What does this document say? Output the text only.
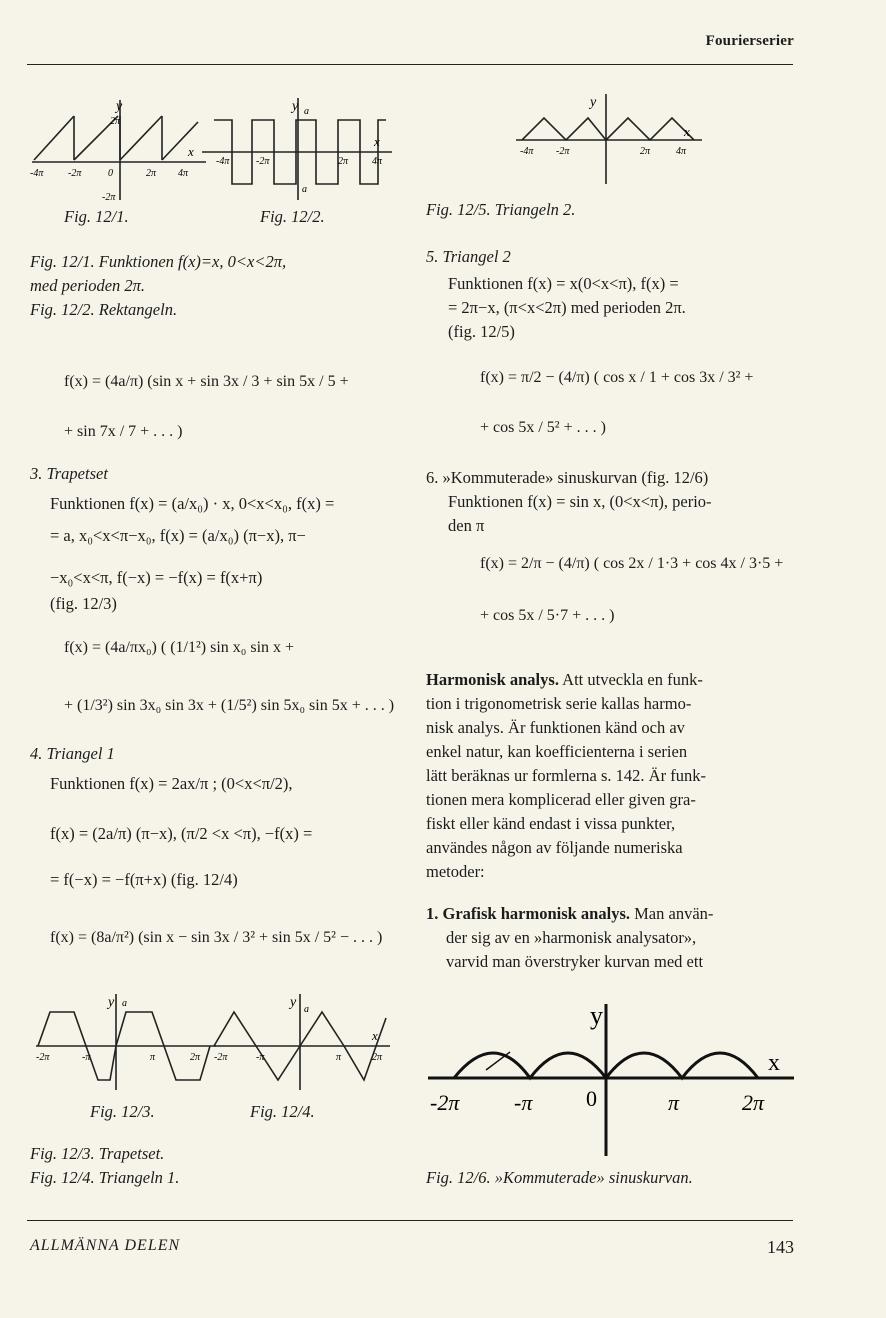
Fourierserier
y
x
-4π -2π	0	2π 4π
2π
-2π
y a
x
-4π	-2π	2π 4π
a
Fig. 12/1.	Fig. 12/2.
Fig. 12/1. Funktionen f(x)=x, 0<x<2π,
med perioden 2π.
Fig. 12/2. Rektangeln.
f(x) = (4a/π) (sin x + sin 3x / 3 + sin 5x / 5 +
+ sin 7x / 7 + . . . )
3. Trapetset
Funktionen f(x) = (a/x₀) · x, 0<x<x₀, f(x) =
= a, x₀<x<π−x₀, f(x) = (a/x₀) (π−x), π−
−x₀<x<π, f(−x) = −f(x) = f(x+π)
(fig. 12/3)
f(x) = (4a/πx₀) ( (1/1²) sin x₀ sin x +
+ (1/3²) sin 3x₀ sin 3x + (1/5²) sin 5x₀ sin 5x + . . . )
4. Triangel 1
Funktionen f(x) = 2ax/π ; (0<x<π/2),
f(x) = (2a/π) (π−x), (π/2 <x <π), −f(x) =
= f(−x) = −f(π+x) (fig. 12/4)
f(x) = (8a/π²) (sin x − sin 3x / 3² + sin 5x / 5² − . . . )
y a
-2π	-π	π	2π
y a
x
-2π	-π	π	2π
Fig. 12/3.	Fig. 12/4.
Fig. 12/3. Trapetset.
Fig. 12/4. Triangeln 1.
y
x
-4π -2π	2π	4π
Fig. 12/5. Triangeln 2.
5. Triangel 2
Funktionen f(x) = x(0<x<π), f(x) =
= 2π−x, (π<x<2π) med perioden 2π.
(fig. 12/5)
f(x) = π/2 − (4/π) ( cos x / 1 + cos 3x / 3² +
+ cos 5x / 5² + . . . )
6. »Kommuterade» sinuskurvan (fig. 12/6)
Funktionen f(x) = sin x, (0<x<π), perio-
den π
f(x) = 2/π − (4/π) ( cos 2x / 1·3 + cos 4x / 3·5 +
+ cos 5x / 5·7 + . . . )
Harmonisk analys. Att utveckla en funk-
tion i trigonometrisk serie kallas harmo-
nisk analys. Är funktionen känd och av
enkel natur, kan koefficienterna i serien
lätt beräknas ur formlerna s. 142. Är funk-
tionen mera komplicerad eller given gra-
fiskt eller känd endast i vissa punkter,
användes någon av följande numeriska
metoder:
1. Grafisk harmonisk analys. Man använ-
der sig av en »harmonisk analysator»,
varvid man överstryker kurvan med ett
y
x
-2π -π 0	π	2π
Fig. 12/6. »Kommuterade» sinuskurvan.
ALLMÄNNA DELEN	143
